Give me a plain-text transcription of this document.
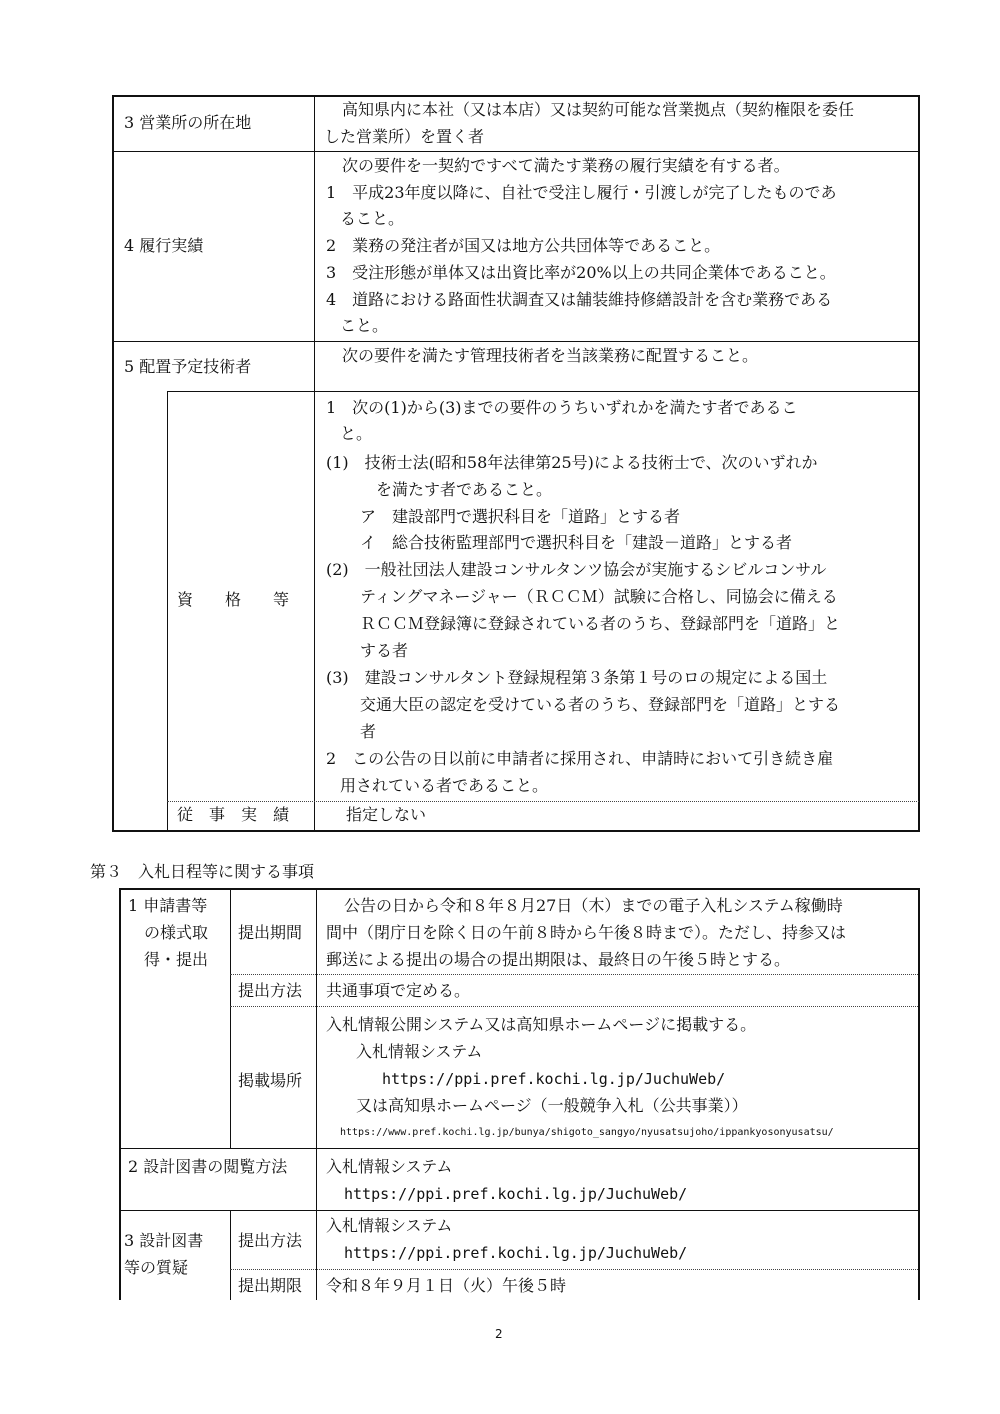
3 営業所の所在地
高知県内に本社（又は本店）又は契約可能な営業拠点（契約権限を委任
した営業所）を置く者
4 履行実績
次の要件を一契約ですべて満たす業務の履行実績を有する者。
1　平成23年度以降に、自社で受注し履行・引渡しが完了したものであ
ること。
2　業務の発注者が国又は地方公共団体等であること。
3　受注形態が単体又は出資比率が20%以上の共同企業体であること。
4　道路における路面性状調査又は舗装維持修繕設計を含む業務である
こと。
5 配置予定技術者
次の要件を満たす管理技術者を当該業務に配置すること。
資　　格　　等
1　次の(1)から(3)までの要件のうちいずれかを満たす者であるこ
と。
(1)　技術士法(昭和58年法律第25号)による技術士で、次のいずれか
を満たす者であること。
ア　建設部門で選択科目を「道路」とする者
イ　総合技術監理部門で選択科目を「建設－道路」とする者
(2)　一般社団法人建設コンサルタンツ協会が実施するシビルコンサル
ティングマネージャー（ＲＣＣＭ）試験に合格し、同協会に備える
ＲＣＣＭ登録簿に登録されている者のうち、登録部門を「道路」と
する者
(3)　建設コンサルタント登録規程第３条第１号のロの規定による国土
交通大臣の認定を受けている者のうち、登録部門を「道路」とする
者
2　この公告の日以前に申請者に採用され、申請時において引き続き雇
用されている者であること。
従　事　実　績	指定しない
第３　入札日程等に関する事項
1 申請書等
の様式取
得・提出
提出期間
公告の日から令和８年８月27日（木）までの電子入札システム稼働時
間中（閉庁日を除く日の午前８時から午後８時まで）。ただし、持参又は
郵送による提出の場合の提出期限は、最終日の午後５時とする。
提出方法 共通事項で定める。
掲載場所
入札情報公開システム又は高知県ホームページに掲載する。
入札情報システム
https://ppi.pref.kochi.lg.jp/JuchuWeb/
又は高知県ホームページ（一般競争入札（公共事業））
https://www.pref.kochi.lg.jp/bunya/shigoto_sangyo/nyusatsujoho/ippankyosonyusatsu/
2 設計図書の閲覧方法 入札情報システム
https://ppi.pref.kochi.lg.jp/JuchuWeb/
3 設計図書
等の質疑
提出方法
入札情報システム
https://ppi.pref.kochi.lg.jp/JuchuWeb/
提出期限 令和８年９月１日（火）午後５時
2
